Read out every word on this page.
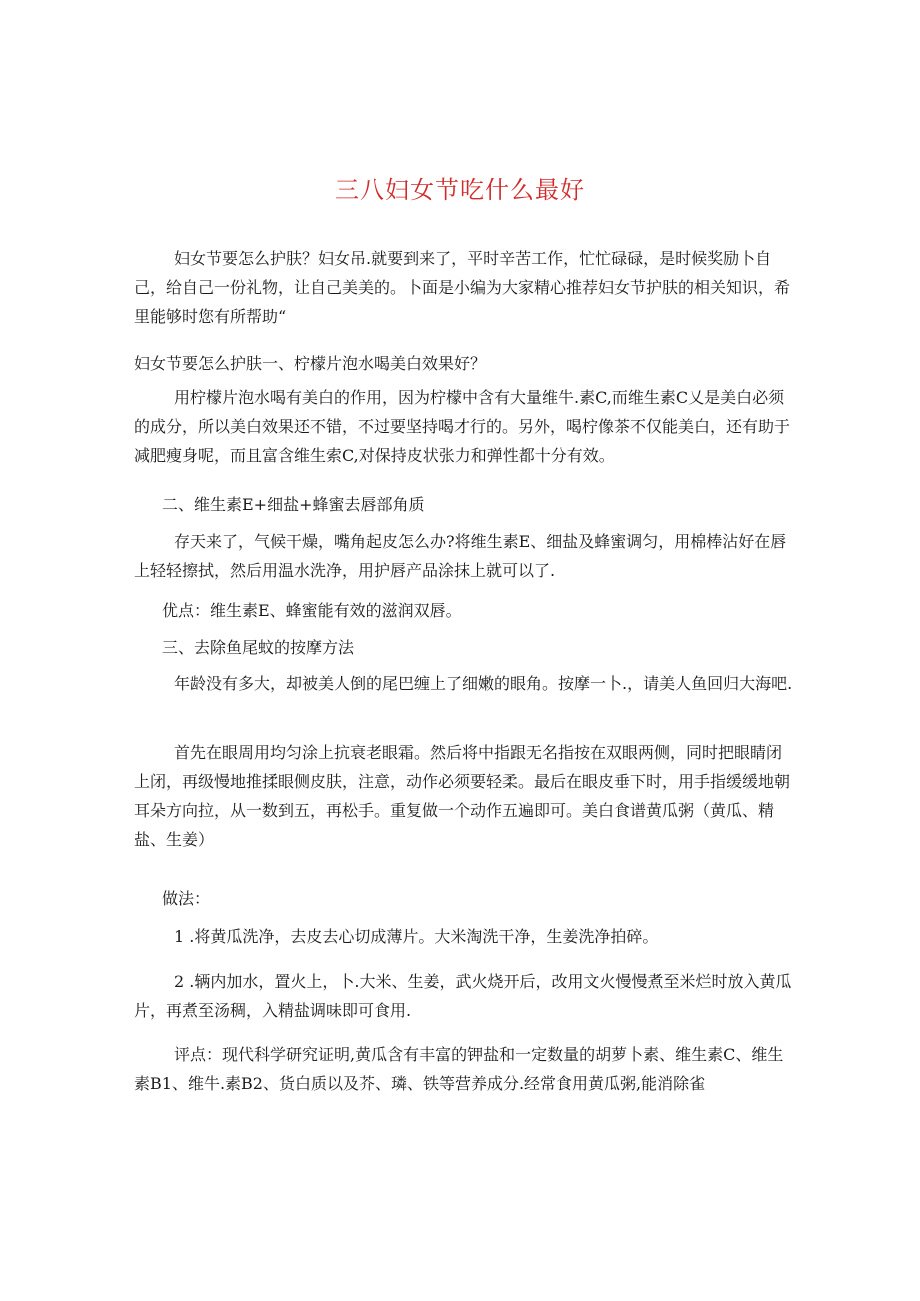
三八妇女节吃什么最好

妇女节要怎么护肤？妇女吊.就要到来了，平时辛苦工作，忙忙碌碌，是时候奖励卜自己，给自己一份礼物，让自己美美的。卜面是小编为大家精心推荐妇女节护肤的相关知识，希里能够时您有所帮助“

妇女节要怎么护肤一、柠檬片泡水喝美白效果好？

用柠檬片泡水喝有美白的作用，因为柠檬中含有大量维牛.素C,而维生素C乂是美白必须的成分，所以美白效果还不错，不过要坚持喝才行的。另外，喝柠像茶不仅能美白，还有助于减肥瘦身呢，而且富含维生索C,对保持皮状张力和弹性都十分有效。

二、维生素E+细盐+蜂蜜去唇部角质

存天来了，气候干燥，嘴角起皮怎么办?将维生素E、细盐及蜂蜜调匀，用棉棒沾好在唇上轻轻擦拭，然后用温水洗净，用护唇产品涂抹上就可以了.

优点：维生素E、蜂蜜能有效的滋润双唇。

三、去除鱼尾蚊的按摩方法

年龄没有多大，却被美人倒的尾巴缠上了细嫩的眼角。按摩一卜.，请美人鱼回归大海吧.

首先在眼周用均匀涂上抗衰老眼霜。然后将中指跟无名指按在双眼两侧，同时把眼睛闭上闭，再级慢地推揉眼侧皮肤，注意，动作必须要轻柔。最后在眼皮垂下时，用手指缓缓地朝耳朵方向拉，从一数到五，再松手。重复做一个动作五遍即可。美白食谱黄瓜粥（黄瓜、精盐、生姜）

做法：

1 .将黄瓜洗净，去皮去心切成薄片。大米淘洗干净，生姜洗净拍碎。

2 .辆内加水，置火上，卜.大米、生姜，武火烧开后，改用文火慢慢煮至米烂时放入黄瓜片，再煮至汤稠，入精盐调味即可食用.

评点：现代科学研究证明,黄瓜含有丰富的钾盐和一定数量的胡萝卜素、维生素C、维生素B1、维牛.素B2、货白质以及芥、璘、铁等营养成分.经常食用黄瓜粥,能消除雀
